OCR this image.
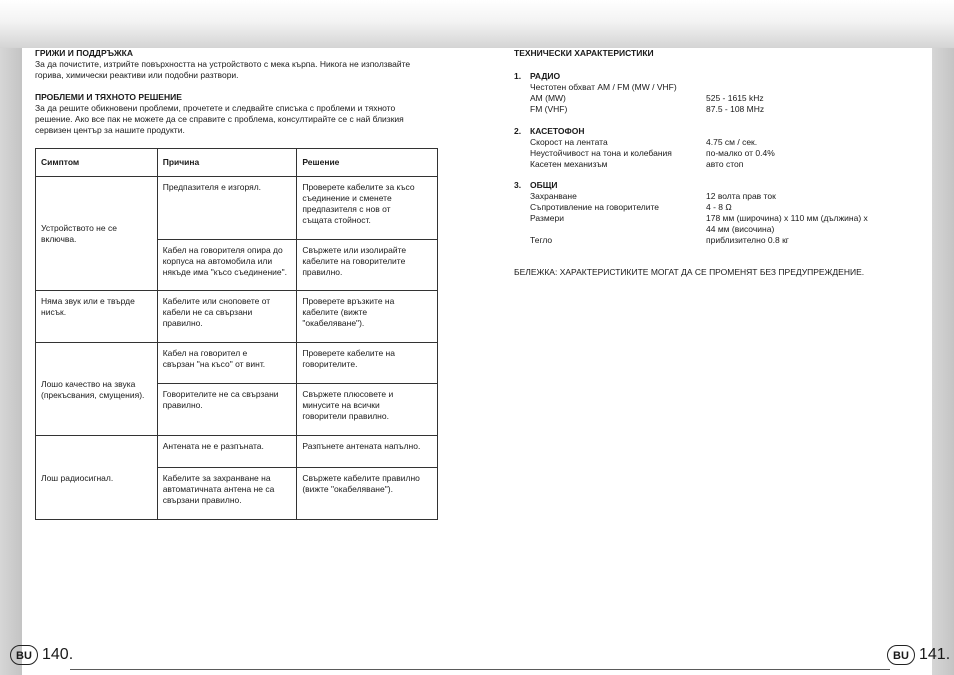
BU 140.	BU 141.

ГРИЖИ И ПОДДРЪЖКА

За да почистите, изтрийте повърхността на устройството с мека кърпа. Никога не използвайте

горива, химически реактиви или подобни разтвори.

ПРОБЛЕМИ И ТЯХНОТО РЕШЕНИЕ

За да решите обикновени проблеми, прочетете и следвайте списъка с проблеми и тяхното

решение. Ако все пак не можете да се справите с проблема, консултирайте се с най близкия

сервизен център за нашите продукти.

Симптом	Причина	Решение
Устройството не се
включва.	Предпазителя е изгорял.	Проверете кабелите за късо
съединение и сменете
предпазителя с нов от
същата стойност.
	Кабел на говорителя опира до
корпуса на автомобила или
някъде има "късо съединение".	Свържете или изолирайте
кабелите на говорителите
правилно.
Няма звук или е твърде
нисък.	Кабелите или сноповете от
кабели не са свързани
правилно.	Проверете връзките на
кабелите (вижте
"окабеляване").
Лошо качество на звука
(прекъсвания, смущения).	Кабел на говорител е
свързан "на късо" от винт.	Проверете кабелите на
говорителите.
	Говорителите не са свързани
правилно.	Свържете плюсовете и
минусите на всички
говорители правилно.
Лош радиосигнал.	Антената не е разпъната.	Разпънете антената напълно.
	Кабелите за захранване на
автоматичната антена не са
свързани правилно.	Свържете кабелите правилно
(вижте "окабеляване").
ТЕХНИЧЕСКИ ХАРАКТЕРИСТИКИ
1.	РАДИО
Честотен обхват AM / FM (MW / VHF)
AM (MW)	525 - 1615 kHz
FM (VHF)	87.5 - 108 MHz
2.	КАСЕТОФОН
Скорост на лентата	4.75 см / сек.
Неустойчивост на тона и колебания	по-малко от 0.4%
Касетен механизъм	авто стоп
3.	ОБЩИ
Захранване	12 волта прав ток
Съпротивление на говорителите	4 - 8 Ω
Размери	178 мм (широчина) х 110 мм (дължина) х
44 мм (височина)
Тегло	приблизително 0.8 кг
БЕЛЕЖКА: ХАРАКТЕРИСТИКИТЕ МОГАТ ДА СЕ ПРОМЕНЯТ БЕЗ ПРЕДУПРЕЖДЕНИЕ.
